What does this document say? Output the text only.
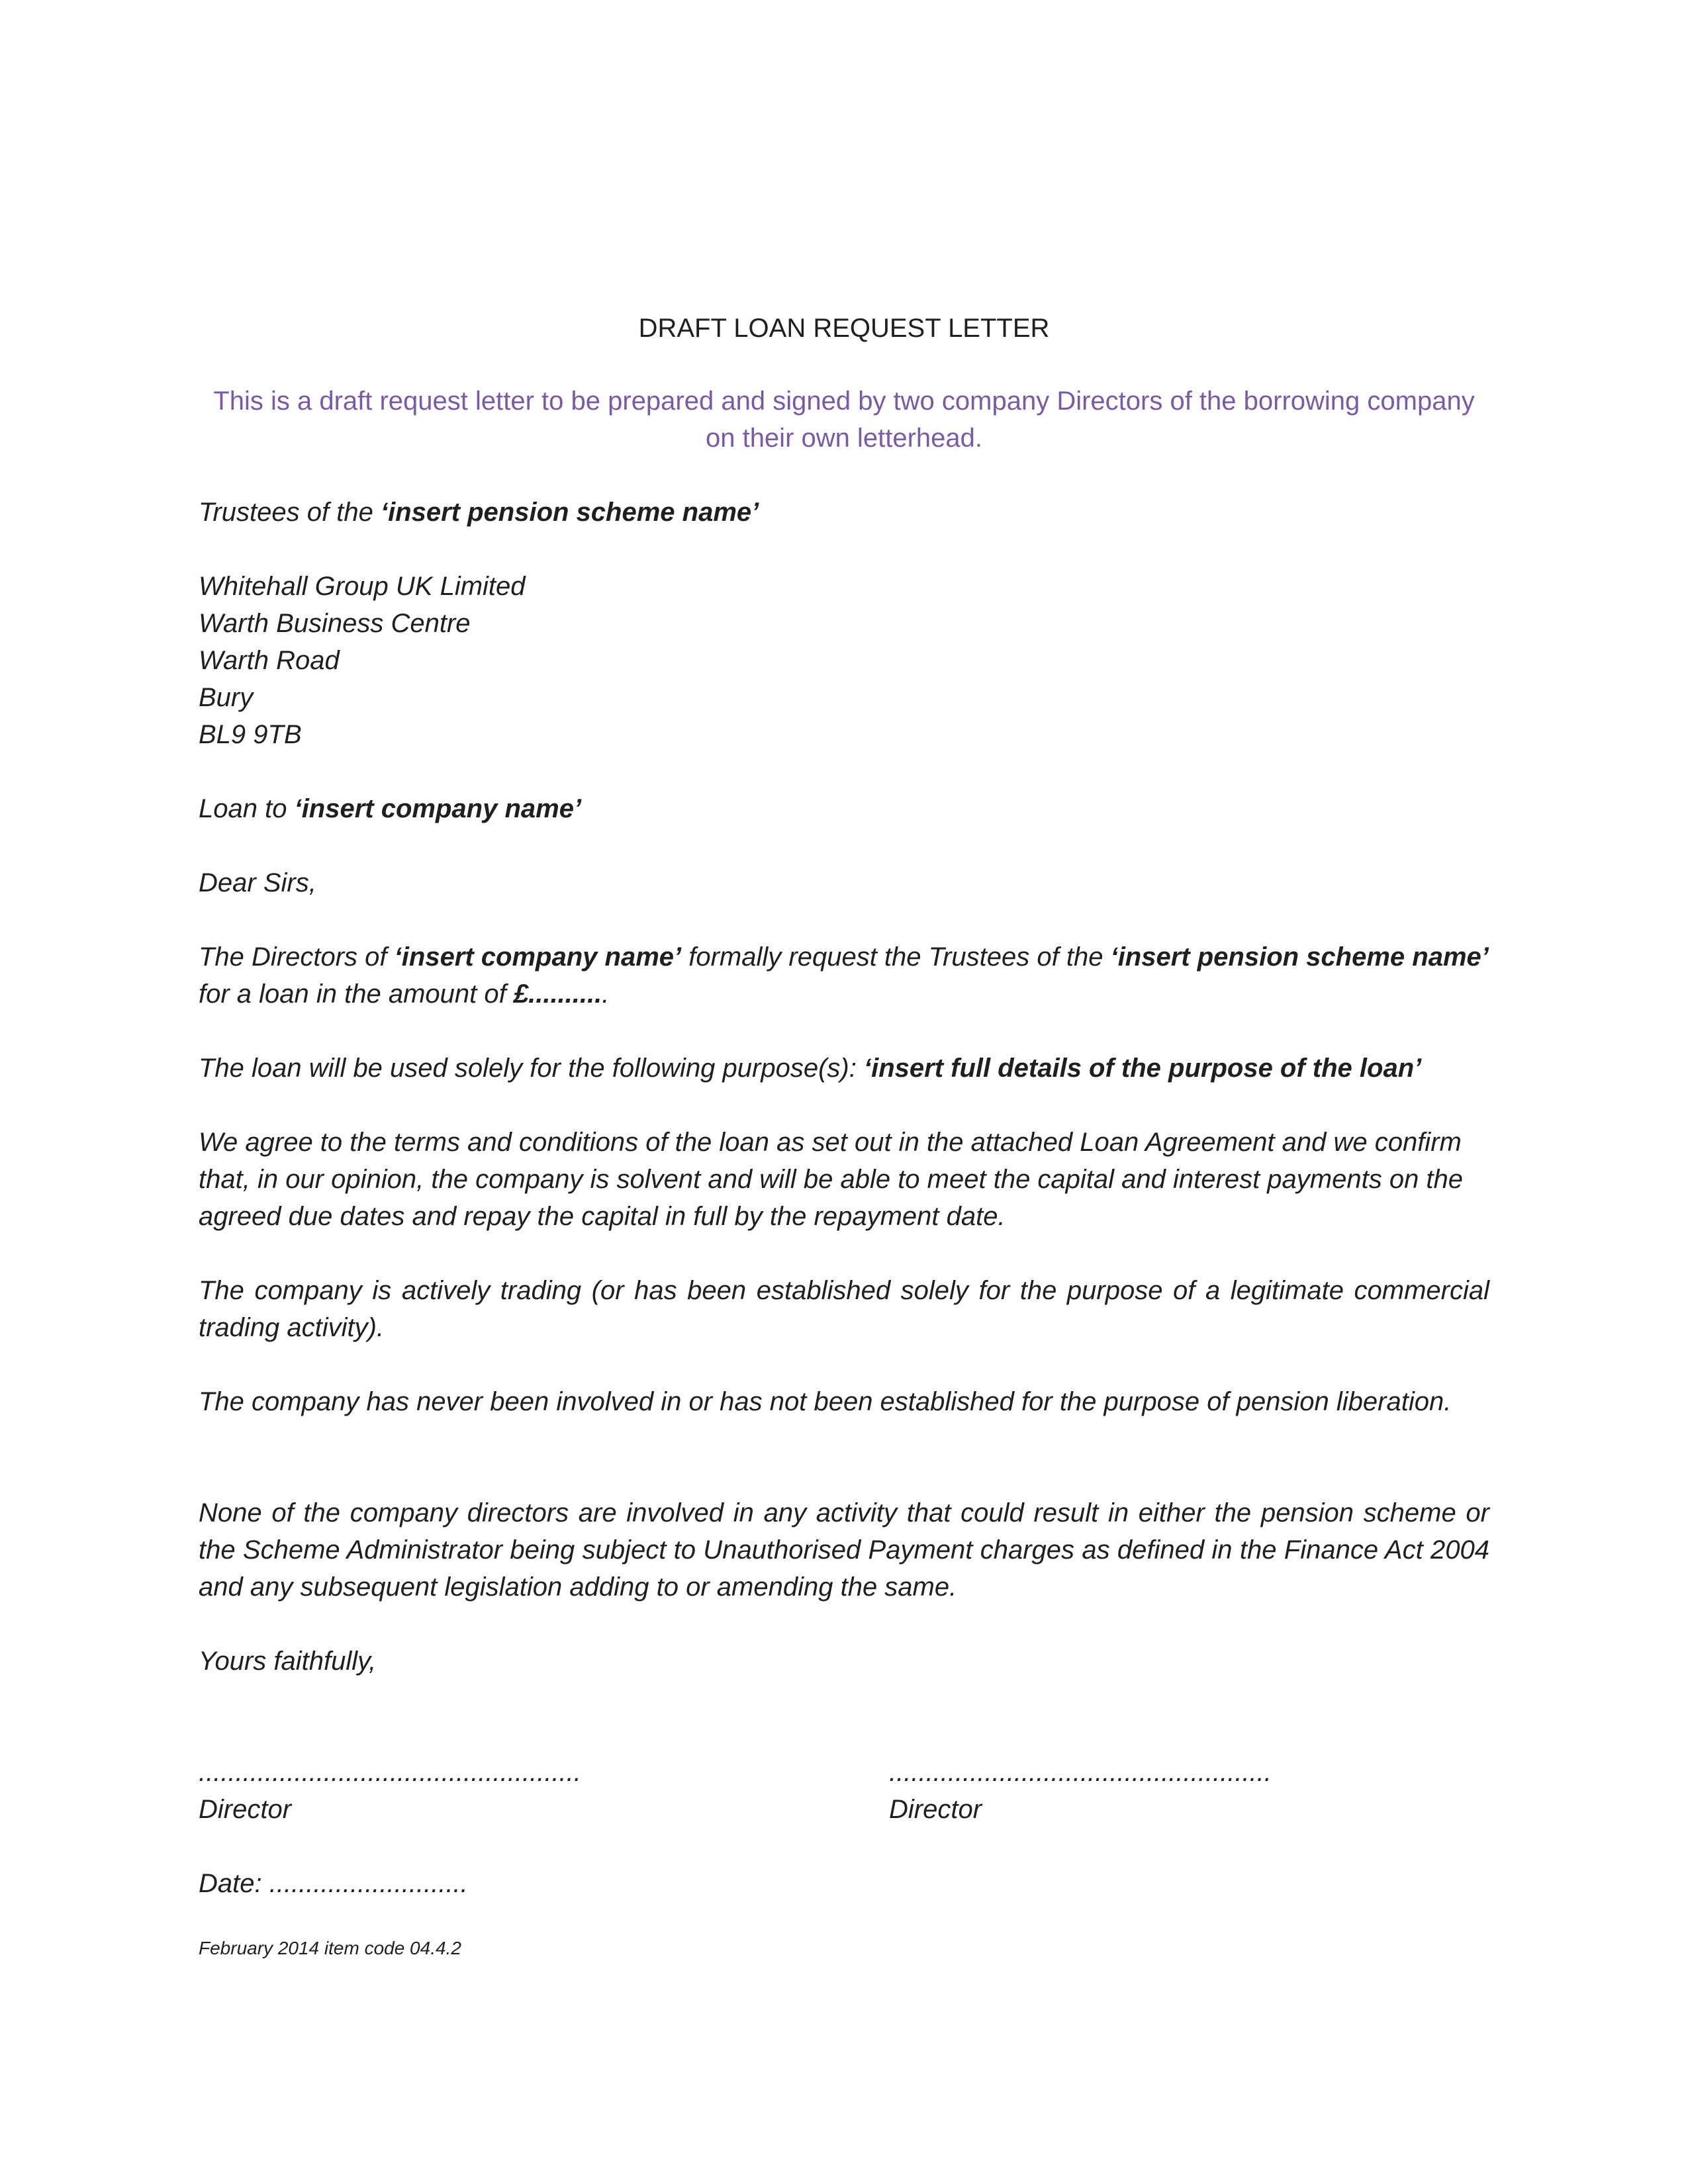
DRAFT LOAN REQUEST LETTER
This is a draft request letter to be prepared and signed by two company Directors of the borrowing company on their own letterhead.

Trustees of the ‘insert pension scheme name’

Whitehall Group UK Limited
Warth Business Centre
Warth Road
Bury
BL9 9TB

Loan to ‘insert company name’

Dear Sirs,

The Directors of ‘insert company name’ formally request the Trustees of the ‘insert pension scheme name’ for a loan in the amount of £...........

The loan will be used solely for the following purpose(s): ‘insert full details of the purpose of the loan’

We agree to the terms and conditions of the loan as set out in the attached Loan Agreement and we confirm that, in our opinion, the company is solvent and will be able to meet the capital and interest payments on the agreed due dates and repay the capital in full by the repayment date.

The company is actively trading (or has been established solely for the purpose of a legitimate commercial trading activity).

The company has never been involved in or has not been established for the purpose of pension liberation.

None of the company directors are involved in any activity that could result in either the pension scheme or the Scheme Administrator being subject to Unauthorised Payment charges as defined in the Finance Act 2004 and any subsequent legislation adding to or amending the same.

Yours faithfully,

....................................................
Director
....................................................
Director
Date: ...........................
February 2014 item code 04.4.2
